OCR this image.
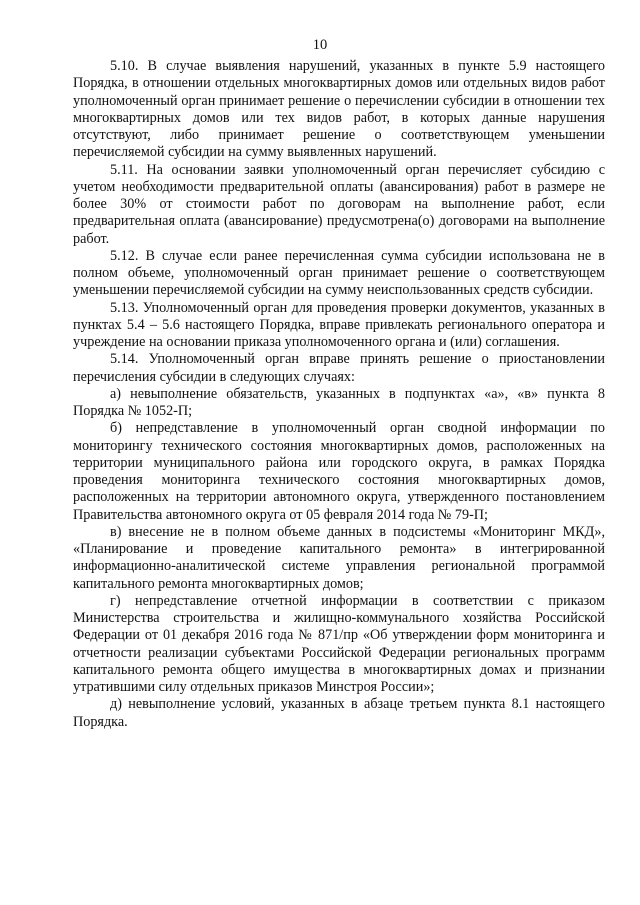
10

5.10. В случае выявления нарушений, указанных в пункте 5.9 настоящего Порядка, в отношении отдельных многоквартирных домов или отдельных видов работ уполномоченный орган принимает решение о перечислении субсидии в отношении тех многоквартирных домов или тех видов работ, в которых данные нарушения отсутствуют, либо принимает решение о соответствующем уменьшении перечисляемой субсидии на сумму выявленных нарушений.

5.11. На основании заявки уполномоченный орган перечисляет субсидию с учетом необходимости предварительной оплаты (авансирования) работ в размере не более 30% от стоимости работ по договорам на выполнение работ, если предварительная оплата (авансирование) предусмотрена(о) договорами на выполнение работ.

5.12. В случае если ранее перечисленная сумма субсидии использована не в полном объеме, уполномоченный орган принимает решение о соответствующем уменьшении перечисляемой субсидии на сумму неиспользованных средств субсидии.

5.13. Уполномоченный орган для проведения проверки документов, указанных в пунктах 5.4 – 5.6 настоящего Порядка, вправе привлекать регионального оператора и учреждение на основании приказа уполномоченного органа и (или) соглашения.

5.14. Уполномоченный орган вправе принять решение о приостановлении перечисления субсидии в следующих случаях:

а) невыполнение обязательств, указанных в подпунктах «а», «в» пункта 8 Порядка № 1052-П;

б) непредставление в уполномоченный орган сводной информации по мониторингу технического состояния многоквартирных домов, расположенных на территории муниципального района или городского округа, в рамках Порядка проведения мониторинга технического состояния многоквартирных домов, расположенных на территории автономного округа, утвержденного постановлением Правительства автономного округа от 05 февраля 2014 года № 79-П;

в) внесение не в полном объеме данных в подсистемы «Мониторинг МКД», «Планирование и проведение капитального ремонта» в интегрированной информационно-аналитической системе управления региональной программой капитального ремонта многоквартирных домов;

г) непредставление отчетной информации в соответствии с приказом Министерства строительства и жилищно-коммунального хозяйства Российской Федерации от 01 декабря 2016 года № 871/пр «Об утверждении форм мониторинга и отчетности реализации субъектами Российской Федерации региональных программ капитального ремонта общего имущества в многоквартирных домах и признании утратившими силу отдельных приказов Минстроя России»;

д) невыполнение условий, указанных в абзаце третьем пункта 8.1 настоящего Порядка.
